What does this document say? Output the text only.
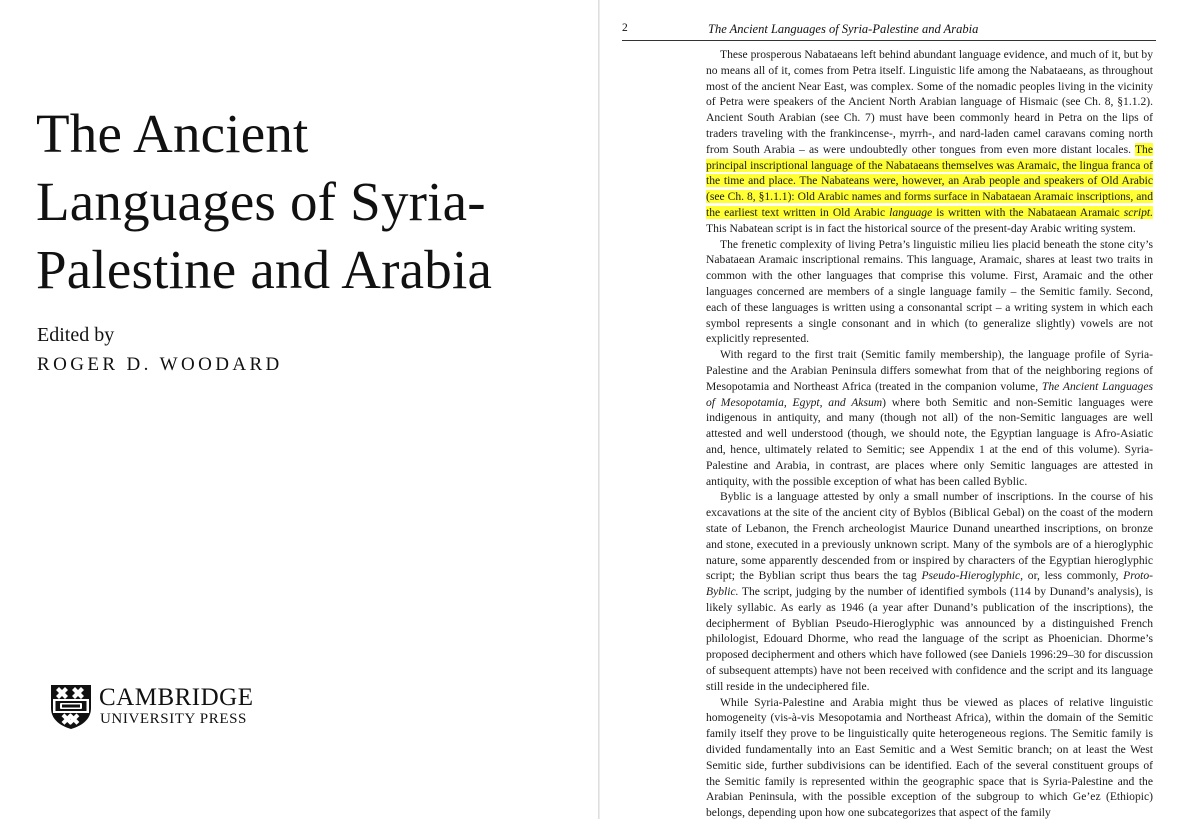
The Ancient
Languages of Syria-
Palestine and Arabia

Edited by

ROGER D. WOODARD

CAMBRIDGE
UNIVERSITY PRESS
2	The Ancient Languages of Syria-Palestine and Arabia

These prosperous Nabataeans left behind abundant language evidence, and much of it, but by no means all of it, comes from Petra itself. Linguistic life among the Nabataeans, as throughout most of the ancient Near East, was complex. Some of the nomadic peoples living in the vicinity of Petra were speakers of the Ancient North Arabian language of Hismaic (see Ch. 8, §1.1.2). Ancient South Arabian (see Ch. 7) must have been commonly heard in Petra on the lips of traders traveling with the frankincense-, myrrh-, and nard-laden camel caravans coming north from South Arabia – as were undoubtedly other tongues from even more distant locales. The principal inscriptional language of the Nabataeans themselves was Aramaic, the lingua franca of the time and place. The Nabateans were, however, an Arab people and speakers of Old Arabic (see Ch. 8, §1.1.1): Old Arabic names and forms surface in Nabataean Aramaic inscriptions, and the earliest text written in Old Arabic language is written with the Nabataean Aramaic script. This Nabatean script is in fact the historical source of the present-day Arabic writing system.

The frenetic complexity of living Petra’s linguistic milieu lies placid beneath the stone city’s Nabataean Aramaic inscriptional remains. This language, Aramaic, shares at least two traits in common with the other languages that comprise this volume. First, Aramaic and the other languages concerned are members of a single language family – the Semitic family. Second, each of these languages is written using a consonantal script – a writing system in which each symbol represents a single consonant and in which (to generalize slightly) vowels are not explicitly represented.

With regard to the first trait (Semitic family membership), the language profile of Syria-Palestine and the Arabian Peninsula differs somewhat from that of the neighboring regions of Mesopotamia and Northeast Africa (treated in the companion volume, The Ancient Languages of Mesopotamia, Egypt, and Aksum) where both Semitic and non-Semitic languages were indigenous in antiquity, and many (though not all) of the non-Semitic languages are well attested and well understood (though, we should note, the Egyptian language is Afro-Asiatic and, hence, ultimately related to Semitic; see Appendix 1 at the end of this volume). Syria-Palestine and Arabia, in contrast, are places where only Semitic languages are attested in antiquity, with the possible exception of what has been called Byblic.

Byblic is a language attested by only a small number of inscriptions. In the course of his excavations at the site of the ancient city of Byblos (Biblical Gebal) on the coast of the modern state of Lebanon, the French archeologist Maurice Dunand unearthed inscriptions, on bronze and stone, executed in a previously unknown script. Many of the symbols are of a hieroglyphic nature, some apparently descended from or inspired by characters of the Egyptian hieroglyphic script; the Byblian script thus bears the tag Pseudo-Hieroglyphic, or, less commonly, Proto-Byblic. The script, judging by the number of identified symbols (114 by Dunand’s analysis), is likely syllabic. As early as 1946 (a year after Dunand’s publication of the inscriptions), the decipherment of Byblian Pseudo-Hieroglyphic was announced by a distinguished French philologist, Edouard Dhorme, who read the language of the script as Phoenician. Dhorme’s proposed decipherment and others which have followed (see Daniels 1996:29–30 for discussion of subsequent attempts) have not been received with confidence and the script and its language still reside in the undeciphered file.

While Syria-Palestine and Arabia might thus be viewed as places of relative linguistic homogeneity (vis-à-vis Mesopotamia and Northeast Africa), within the domain of the Semitic family itself they prove to be linguistically quite heterogeneous regions. The Semitic family is divided fundamentally into an East Semitic and a West Semitic branch; on at least the West Semitic side, further subdivisions can be identified. Each of the several constituent groups of the Semitic family is represented within the geographic space that is Syria-Palestine and the Arabian Peninsula, with the possible exception of the subgroup to which Ge’ez (Ethiopic) belongs, depending upon how one subcategorizes that aspect of the family
